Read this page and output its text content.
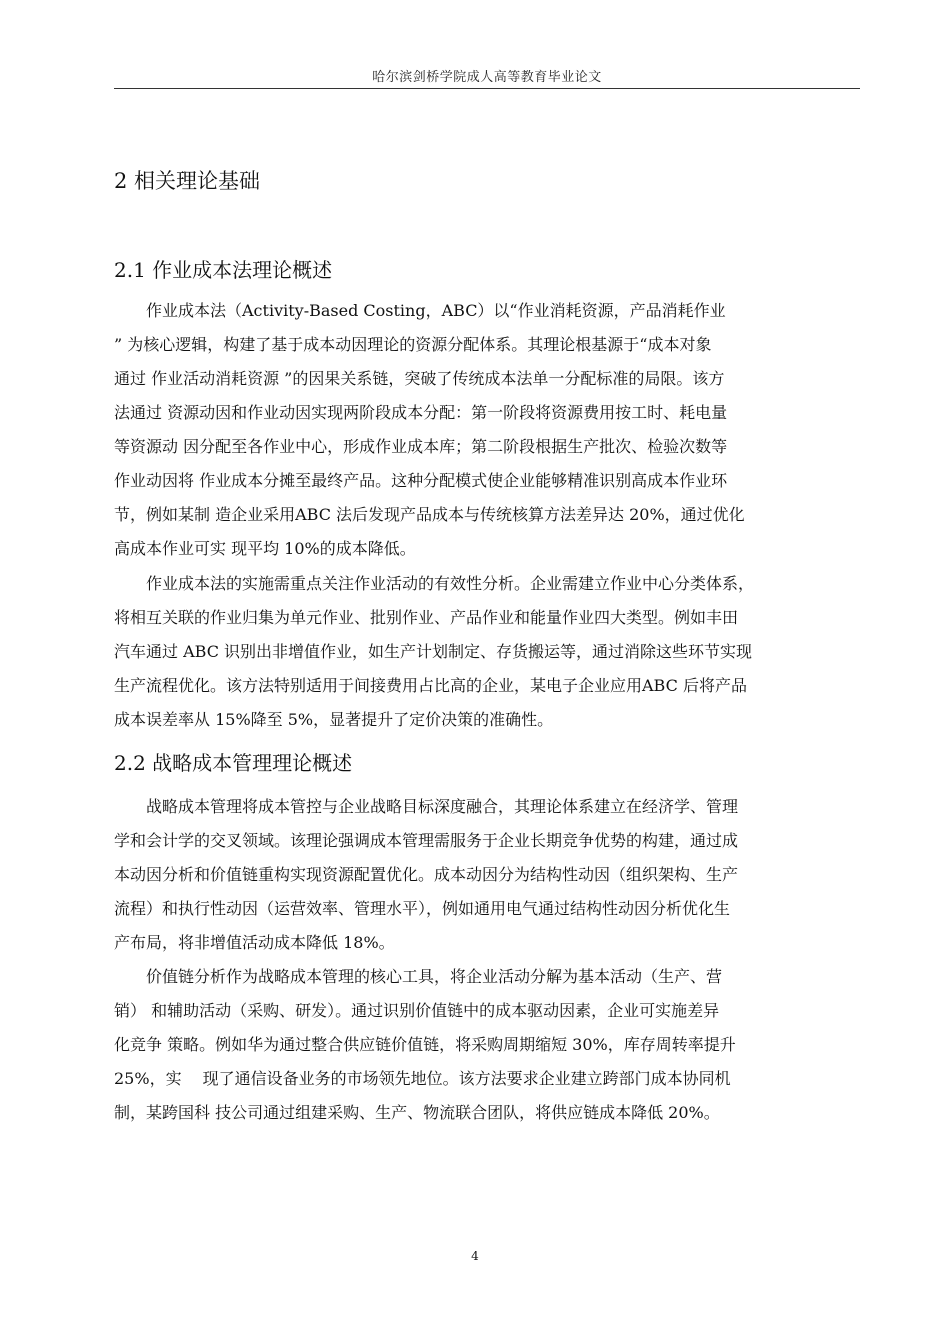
哈尔滨剑桥学院成人高等教育毕业论文
2 相关理论基础
2.1 作业成本法理论概述

　　作业成本法（Activity-Based Costing，ABC）以“作业消耗资源，产品消耗作业
” 为核心逻辑，构建了基于成本动因理论的资源分配体系。其理论根基源于“成本对象
通过 作业活动消耗资源 ”的因果关系链，突破了传统成本法单一分配标准的局限。该方
法通过 资源动因和作业动因实现两阶段成本分配：第一阶段将资源费用按工时、耗电量
等资源动 因分配至各作业中心，形成作业成本库；第二阶段根据生产批次、检验次数等
作业动因将 作业成本分摊至最终产品。这种分配模式使企业能够精准识别高成本作业环
节，例如某制 造企业采用ABC 法后发现产品成本与传统核算方法差异达 20%，通过优化
高成本作业可实 现平均 10%的成本降低。

　　作业成本法的实施需重点关注作业活动的有效性分析。企业需建立作业中心分类体系，
将相互关联的作业归集为单元作业、批别作业、产品作业和能量作业四大类型。例如丰田
汽车通过 ABC 识别出非增值作业，如生产计划制定、存货搬运等，通过消除这些环节实现
生产流程优化。该方法特别适用于间接费用占比高的企业，某电子企业应用ABC 后将产品
成本误差率从 15%降至 5%，显著提升了定价决策的准确性。

2.2 战略成本管理理论概述

　　战略成本管理将成本管控与企业战略目标深度融合，其理论体系建立在经济学、管理
学和会计学的交叉领域。该理论强调成本管理需服务于企业长期竞争优势的构建，通过成
本动因分析和价值链重构实现资源配置优化。成本动因分为结构性动因（组织架构、生产
流程）和执行性动因（运营效率、管理水平），例如通用电气通过结构性动因分析优化生
产布局，将非增值活动成本降低 18%。

　　价值链分析作为战略成本管理的核心工具，将企业活动分解为基本活动（生产、营
销） 和辅助活动（采购、研发）。通过识别价值链中的成本驱动因素，企业可实施差异
化竞争 策略。例如华为通过整合供应链价值链，将采购周期缩短 30%，库存周转率提升
25%，实　 现了通信设备业务的市场领先地位。该方法要求企业建立跨部门成本协同机
制，某跨国科 技公司通过组建采购、生产、物流联合团队，将供应链成本降低 20%。

4
